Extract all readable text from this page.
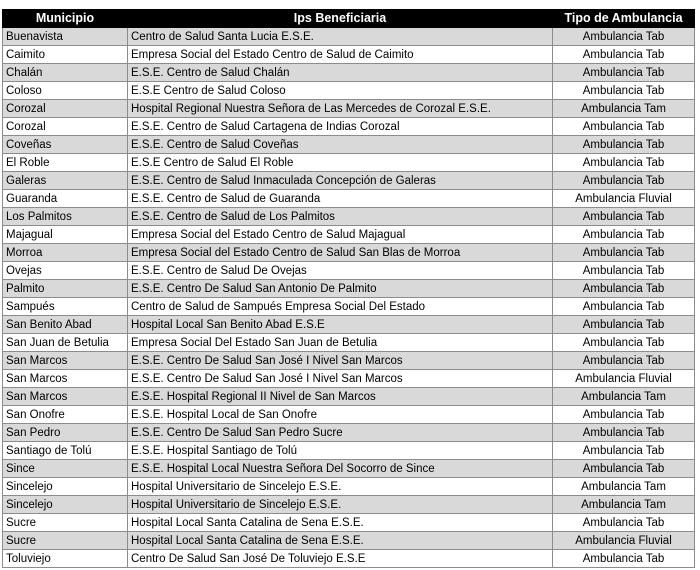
Municipio	Ips Beneficiaria	Tipo de Ambulancia
Buenavista	Centro de Salud Santa Lucia E.S.E.	Ambulancia Tab
Caimito	Empresa Social del Estado Centro de Salud de Caimito	Ambulancia Tab
Chalán	E.S.E. Centro de Salud Chalán	Ambulancia Tab
Coloso	E.S.E Centro de Salud Coloso	Ambulancia Tab
Corozal	Hospital Regional Nuestra Señora de Las Mercedes de Corozal E.S.E.	Ambulancia Tam
Corozal	E.S.E. Centro de Salud Cartagena de Indias Corozal	Ambulancia Tab
Coveñas	E.S.E. Centro de Salud Coveñas	Ambulancia Tab
El Roble	E.S.E Centro de Salud El Roble	Ambulancia Tab
Galeras	E.S.E. Centro de Salud Inmaculada Concepción de Galeras	Ambulancia Tab
Guaranda	E.S.E. Centro de Salud de Guaranda	Ambulancia Fluvial
Los Palmitos	E.S.E. Centro de Salud de Los Palmitos	Ambulancia Tab
Majagual	Empresa Social del Estado Centro de Salud Majagual	Ambulancia Tab
Morroa	Empresa Social del Estado Centro de Salud San Blas de Morroa	Ambulancia Tab
Ovejas	E.S.E. Centro de Salud De Ovejas	Ambulancia Tab
Palmito	E.S.E. Centro De Salud San Antonio De Palmito	Ambulancia Tab
Sampués	Centro de Salud de Sampués Empresa Social Del Estado	Ambulancia Tab
San Benito Abad	Hospital Local San Benito Abad E.S.E	Ambulancia Tab
San Juan de Betulia	Empresa Social Del Estado San Juan de Betulia	Ambulancia Tab
San Marcos	E.S.E. Centro De Salud San José I Nivel San Marcos	Ambulancia Tab
San Marcos	E.S.E. Centro De Salud San José I Nivel San Marcos	Ambulancia Fluvial
San Marcos	E.S.E. Hospital Regional II Nivel de San Marcos	Ambulancia Tam
San Onofre	E.S.E. Hospital Local de San Onofre	Ambulancia Tab
San Pedro	E.S.E. Centro De Salud San Pedro Sucre	Ambulancia Tab
Santiago de Tolú	E.S.E. Hospital Santiago de Tolú	Ambulancia Tab
Since	E.S.E. Hospital Local Nuestra Señora Del Socorro de Since	Ambulancia Tab
Sincelejo	Hospital Universitario de Sincelejo E.S.E.	Ambulancia Tam
Sincelejo	Hospital Universitario de Sincelejo E.S.E.	Ambulancia Tam
Sucre	Hospital Local Santa Catalina de Sena E.S.E.	Ambulancia Tab
Sucre	Hospital Local Santa Catalina de Sena E.S.E.	Ambulancia Fluvial
Toluviejo	Centro De Salud San José De Toluviejo E.S.E	Ambulancia Tab
